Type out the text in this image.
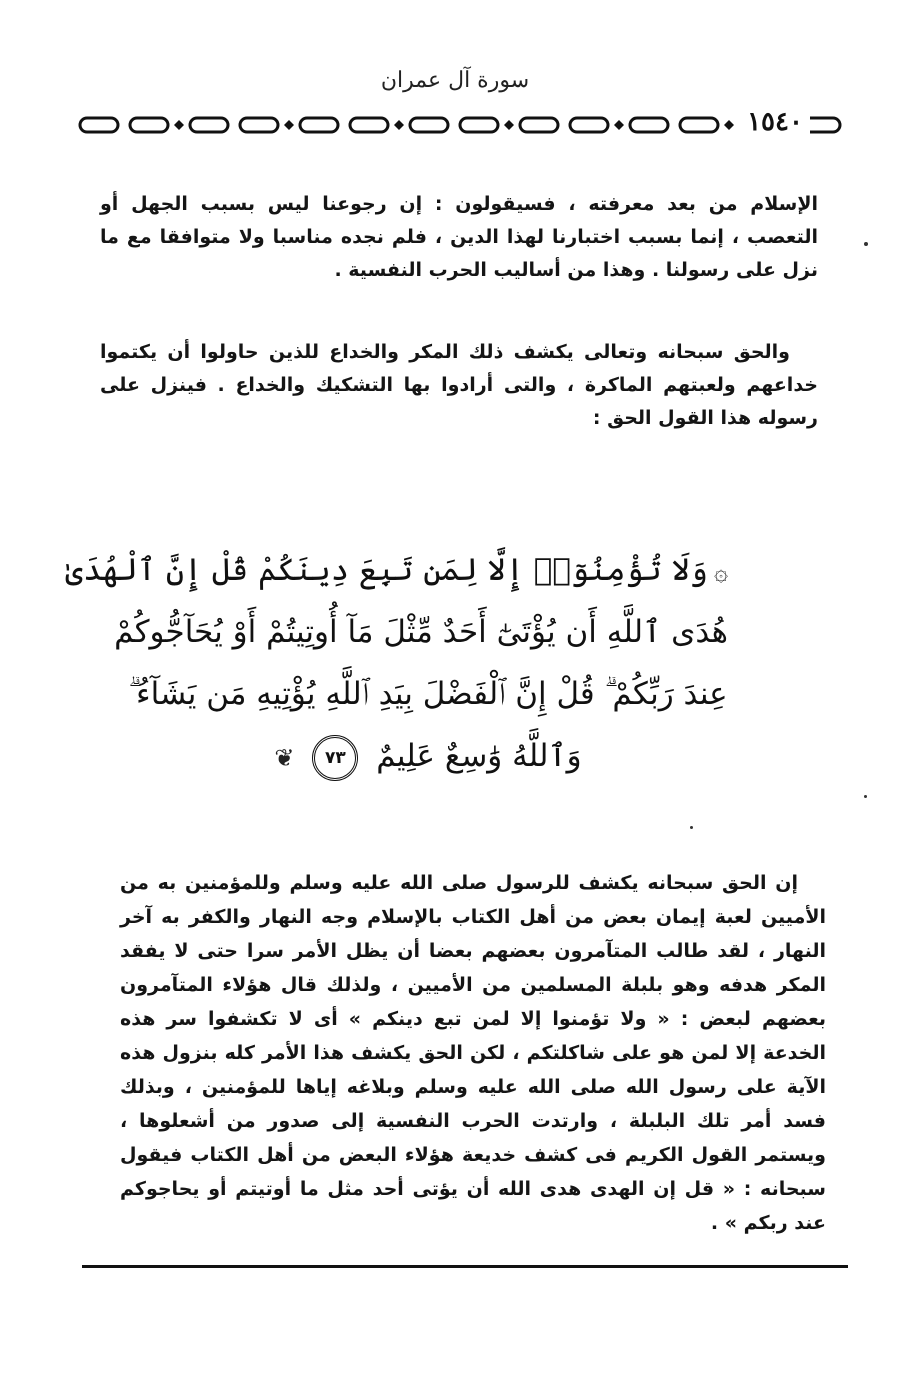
سورة آل عمران
١٥٤٠
الإسلام من بعد معرفته ، فسيقولون : إن رجوعنا ليس بسبب الجهل أو التعصب ، إنما بسبب اختبارنا لهذا الدين ، فلم نجده مناسبا ولا متوافقا مع ما نزل على رسولنا . وهذا من أساليب الحرب النفسية .
والحق سبحانه وتعالى يكشف ذلك المكر والخداع للذين حاولوا أن يكتموا خداعهم ولعبتهم الماكرة ، والتى أرادوا بها التشكيك والخداع . فينزل على رسوله هذا القول الحق :
۞وَلَا تُؤْمِنُوٓا۟ إِلَّا لِمَن تَبِعَ دِينَكُمْ قُلْ إِنَّ ٱلْهُدَىٰ
هُدَى ٱللَّهِ أَن يُؤْتَىٰٓ أَحَدٌ مِّثْلَ مَآ أُوتِيتُمْ أَوْ يُحَآجُّوكُمْ
عِندَ رَبِّكُمْ ۗ قُلْ إِنَّ ٱلْفَضْلَ بِيَدِ ٱللَّهِ يُؤْتِيهِ مَن يَشَآءُ ۗ
وَٱللَّهُ وَٰسِعٌ عَلِيمٌ ٧٣ ❦
إن الحق سبحانه يكشف للرسول صلى الله عليه وسلم وللمؤمنين به من الأميين لعبة إيمان بعض من أهل الكتاب بالإسلام وجه النهار والكفر به آخر النهار ، لقد طالب المتآمرون بعضهم بعضا أن يظل الأمر سرا حتى لا يفقد المكر هدفه وهو بلبلة المسلمين من الأميين ، ولذلك قال هؤلاء المتآمرون بعضهم لبعض : « ولا تؤمنوا إلا لمن تبع دينكم » أى لا تكشفوا سر هذه الخدعة إلا لمن هو على شاكلتكم ، لكن الحق يكشف هذا الأمر كله بنزول هذه الآية على رسول الله صلى الله عليه وسلم وبلاغه إياها للمؤمنين ، وبذلك فسد أمر تلك البلبلة ، وارتدت الحرب النفسية إلى صدور من أشعلوها ، ويستمر القول الكريم فى كشف خديعة هؤلاء البعض من أهل الكتاب فيقول سبحانه : « قل إن الهدى هدى الله أن يؤتى أحد مثل ما أوتيتم أو يحاجوكم عند ربكم » .
